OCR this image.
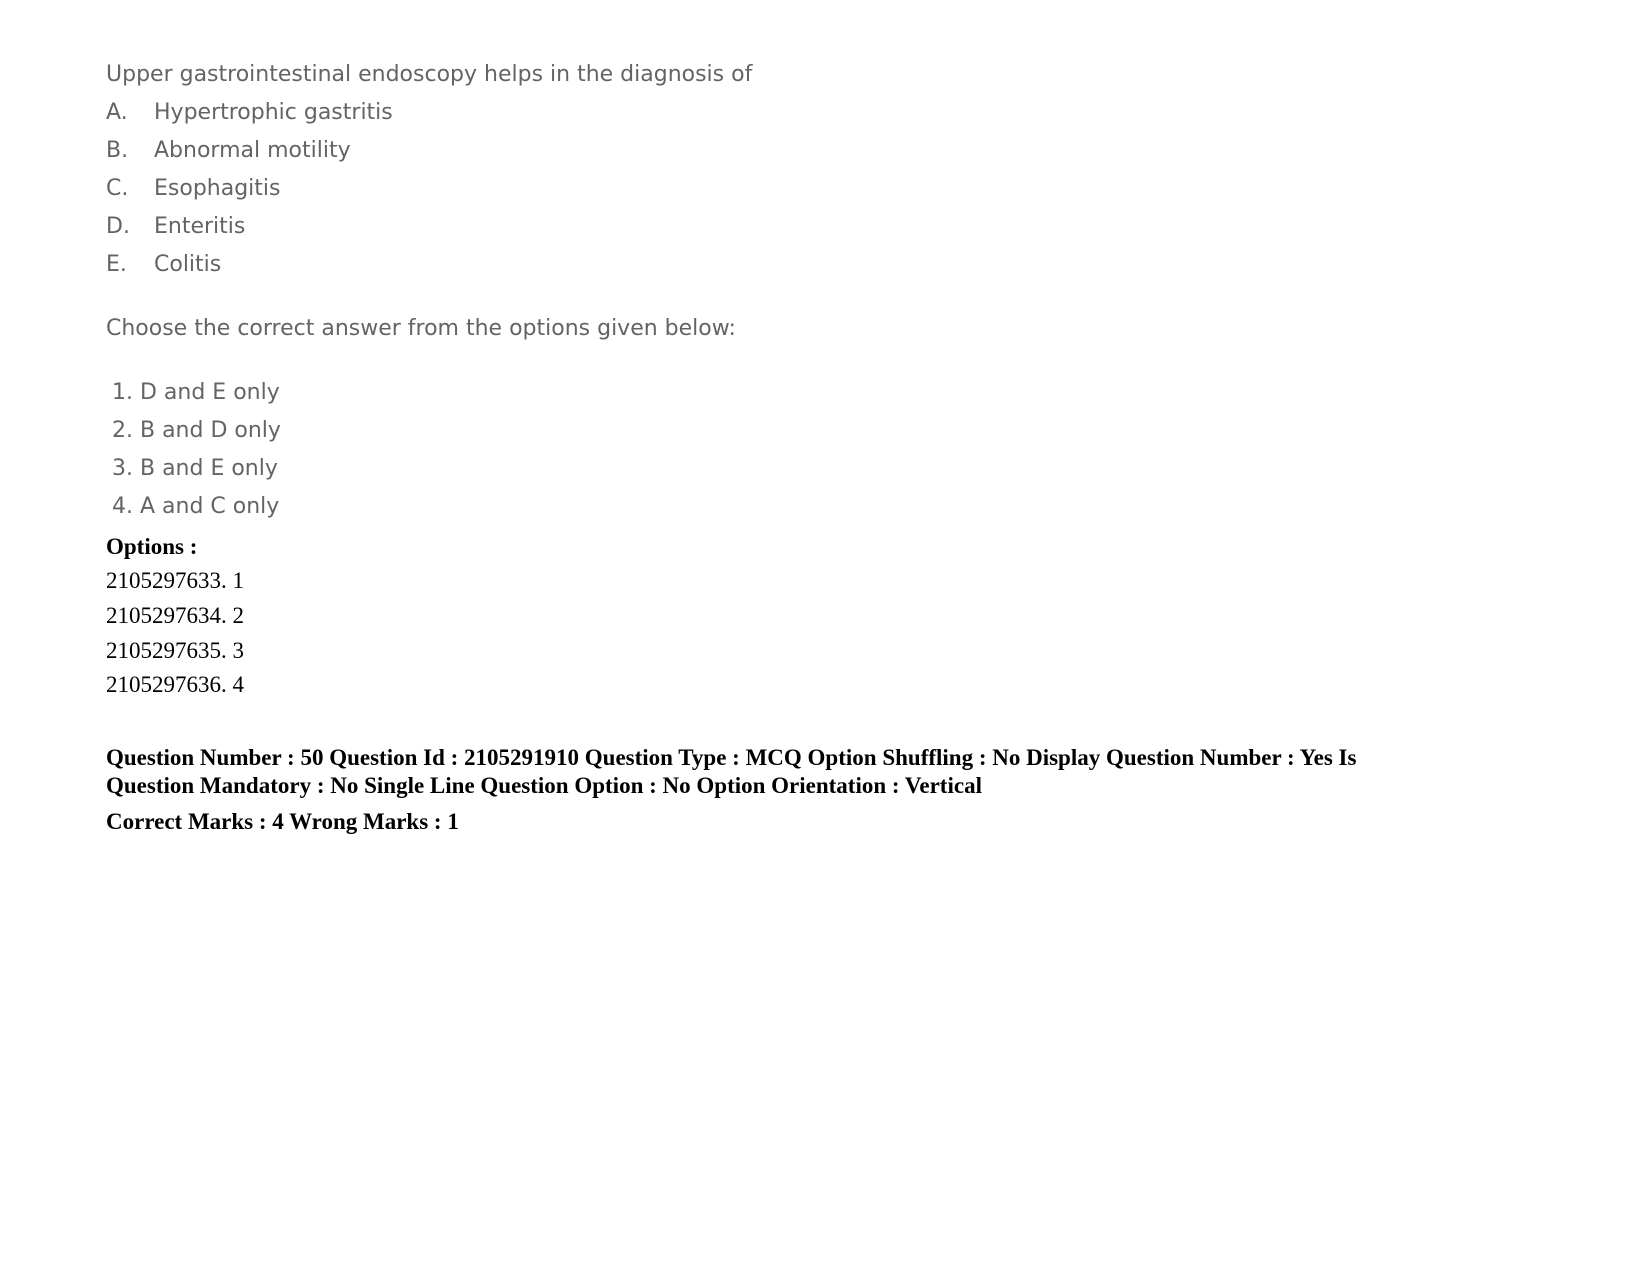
Upper gastrointestinal endoscopy helps in the diagnosis of
A. Hypertrophic gastritis
B. Abnormal motility
C. Esophagitis
D. Enteritis
E. Colitis
Choose the correct answer from the options given below:
1. D and E only
2. B and D only
3. B and E only
4. A and C only
Options :
2105297633. 1
2105297634. 2
2105297635. 3
2105297636. 4
Question Number : 50 Question Id : 2105291910 Question Type : MCQ Option Shuffling : No Display Question Number : Yes Is
Question Mandatory : No Single Line Question Option : No Option Orientation : Vertical
Correct Marks : 4 Wrong Marks : 1
